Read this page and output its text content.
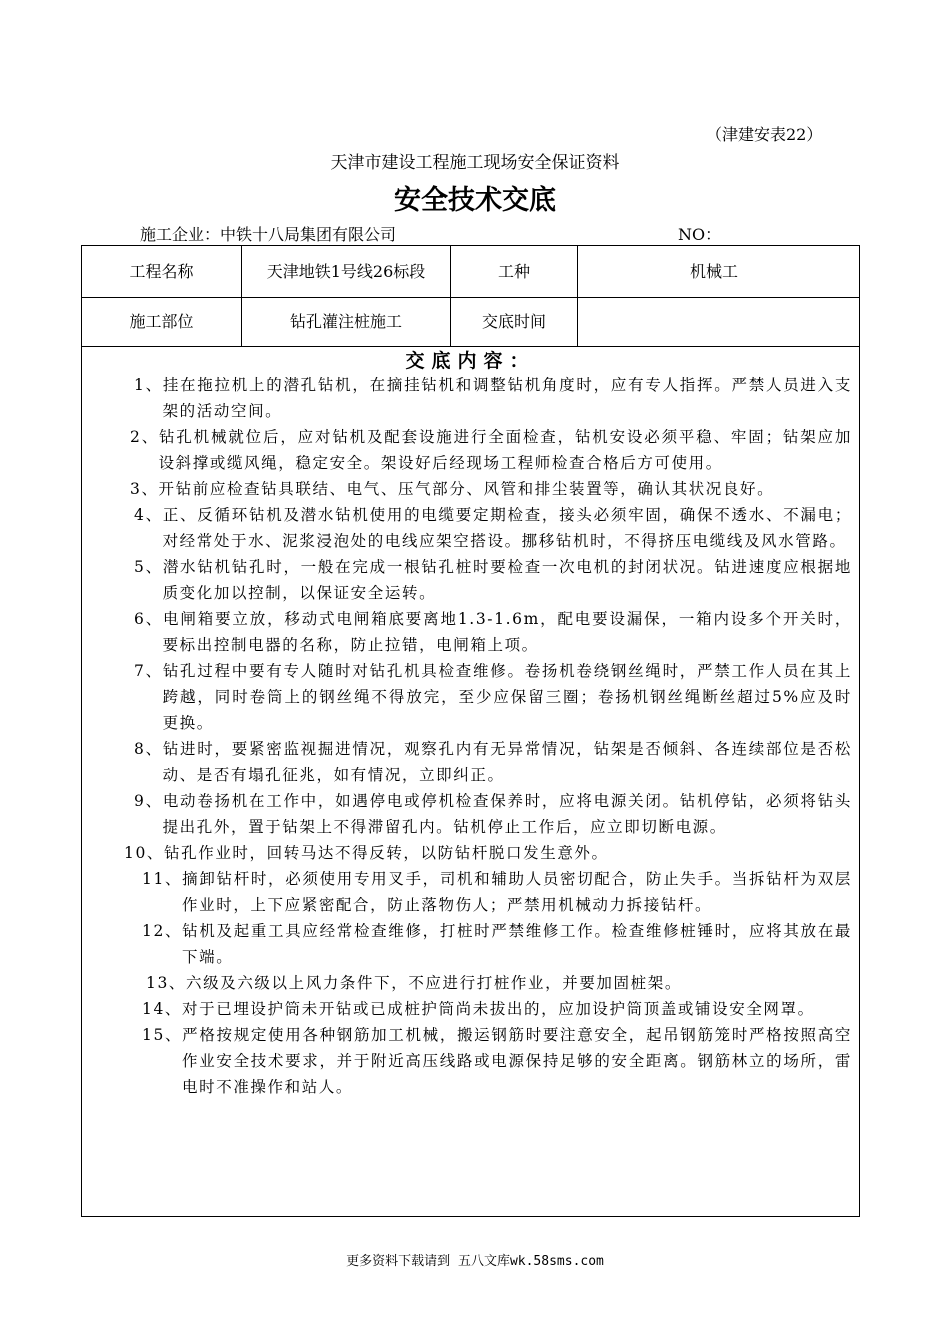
（津建安表22）
天津市建设工程施工现场安全保证资料
安全技术交底
施工企业：中铁十八局集团有限公司	NO：
工程名称	天津地铁1号线26标段	工种	机械工
施工部位	钻孔灌注桩施工	交底时间
交底内容：
1、挂在拖拉机上的潜孔钻机，在摘挂钻机和调整钻机角度时，应有专人指挥。严禁人员进入支架的活动空间。
2、钻孔机械就位后，应对钻机及配套设施进行全面检查，钻机安设必须平稳、牢固；钻架应加设斜撑或缆风绳，稳定安全。架设好后经现场工程师检查合格后方可使用。
3、开钻前应检查钻具联结、电气、压气部分、风管和排尘装置等，确认其状况良好。
4、正、反循环钻机及潜水钻机使用的电缆要定期检查，接头必须牢固，确保不透水、不漏电；对经常处于水、泥浆浸泡处的电线应架空搭设。挪移钻机时，不得挤压电缆线及风水管路。
5、潜水钻机钻孔时，一般在完成一根钻孔桩时要检查一次电机的封闭状况。钻进速度应根据地质变化加以控制，以保证安全运转。
6、电闸箱要立放，移动式电闸箱底要离地1.3-1.6m，配电要设漏保，一箱内设多个开关时，要标出控制电器的名称，防止拉错，电闸箱上项。
7、钻孔过程中要有专人随时对钻孔机具检查维修。卷扬机卷绕钢丝绳时，严禁工作人员在其上跨越，同时卷筒上的钢丝绳不得放完，至少应保留三圈；卷扬机钢丝绳断丝超过5%应及时更换。
8、钻进时，要紧密监视掘进情况，观察孔内有无异常情况，钻架是否倾斜、各连续部位是否松动、是否有塌孔征兆，如有情况，立即纠正。
9、电动卷扬机在工作中，如遇停电或停机检查保养时，应将电源关闭。钻机停钻，必须将钻头提出孔外，置于钻架上不得滞留孔内。钻机停止工作后，应立即切断电源。
10、钻孔作业时，回转马达不得反转，以防钻杆脱口发生意外。
11、摘卸钻杆时，必须使用专用叉手，司机和辅助人员密切配合，防止失手。当拆钻杆为双层作业时，上下应紧密配合，防止落物伤人；严禁用机械动力拆接钻杆。
12、钻机及起重工具应经常检查维修，打桩时严禁维修工作。检查维修桩锤时，应将其放在最下端。
13、六级及六级以上风力条件下，不应进行打桩作业，并要加固桩架。
14、对于已埋设护筒未开钻或已成桩护筒尚未拔出的，应加设护筒顶盖或铺设安全网罩。
15、严格按规定使用各种钢筋加工机械，搬运钢筋时要注意安全，起吊钢筋笼时严格按照高空作业安全技术要求，并于附近高压线路或电源保持足够的安全距离。钢筋林立的场所，雷电时不准操作和站人。
更多资料下载请到 五八文库wk.58sms.com
